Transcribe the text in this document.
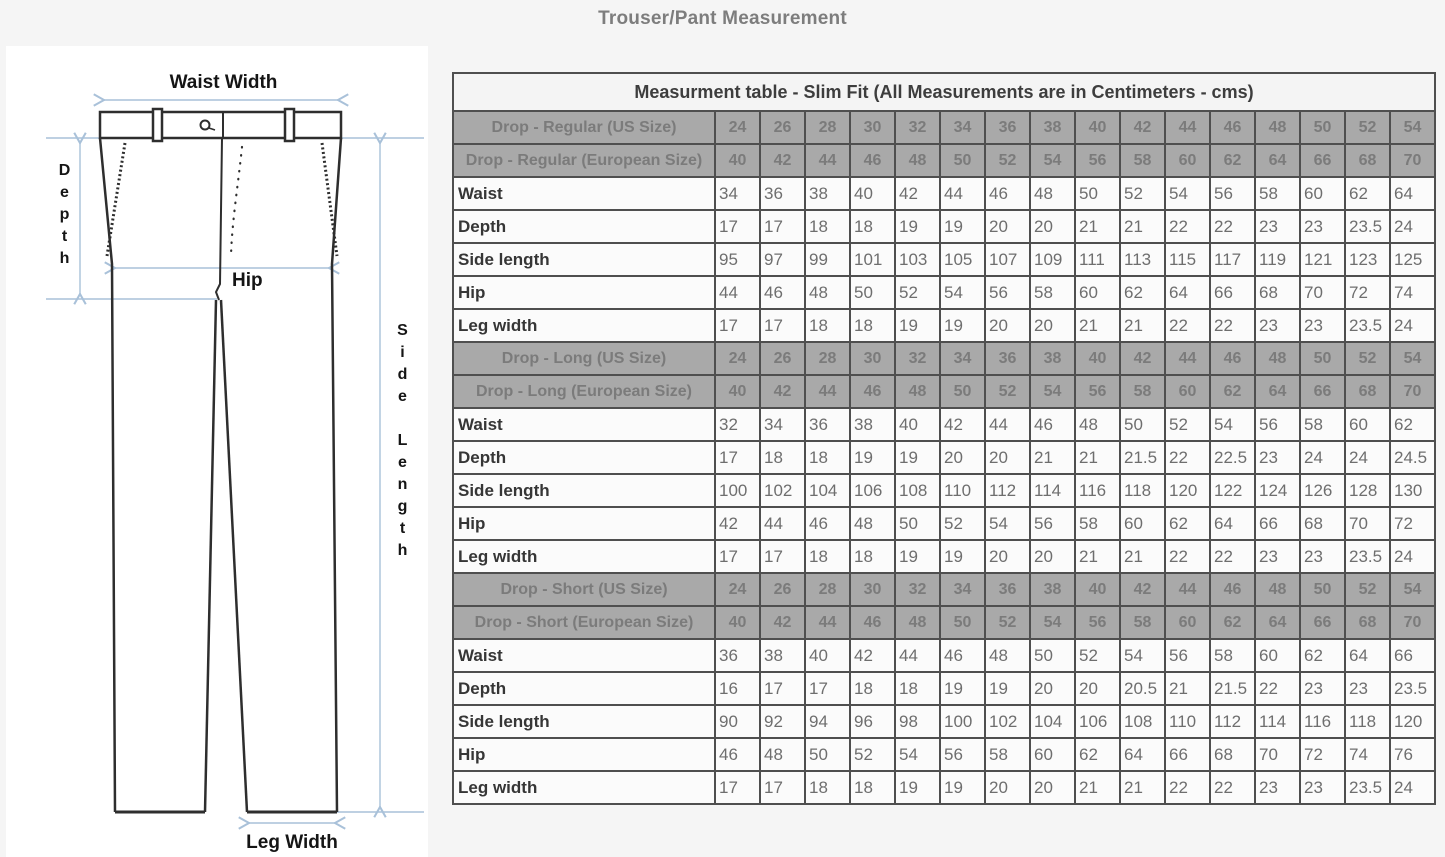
Trouser/Pant Measurement
Waist Width
Depth
Hip
Side Length
Leg Width
Measurment table - Slim Fit (All Measurements are in Centimeters - cms)																
Drop - Regular (US Size)	24	26	28	30	32	34	36	38	40	42	44	46	48	50	52	54
Drop - Regular (European Size)	40	42	44	46	48	50	52	54	56	58	60	62	64	66	68	70
Waist	34	36	38	40	42	44	46	48	50	52	54	56	58	60	62	64
Depth	17	17	18	18	19	19	20	20	21	21	22	22	23	23	23.5	24
Side length	95	97	99	101	103	105	107	109	111	113	115	117	119	121	123	125
Hip	44	46	48	50	52	54	56	58	60	62	64	66	68	70	72	74
Leg width	17	17	18	18	19	19	20	20	21	21	22	22	23	23	23.5	24
Drop - Long (US Size)	24	26	28	30	32	34	36	38	40	42	44	46	48	50	52	54
Drop - Long (European Size)	40	42	44	46	48	50	52	54	56	58	60	62	64	66	68	70
Waist	32	34	36	38	40	42	44	46	48	50	52	54	56	58	60	62
Depth	17	18	18	19	19	20	20	21	21	21.5	22	22.5	23	24	24	24.5
Side length	100	102	104	106	108	110	112	114	116	118	120	122	124	126	128	130
Hip	42	44	46	48	50	52	54	56	58	60	62	64	66	68	70	72
Leg width	17	17	18	18	19	19	20	20	21	21	22	22	23	23	23.5	24
Drop - Short (US Size)	24	26	28	30	32	34	36	38	40	42	44	46	48	50	52	54
Drop - Short (European Size)	40	42	44	46	48	50	52	54	56	58	60	62	64	66	68	70
Waist	36	38	40	42	44	46	48	50	52	54	56	58	60	62	64	66
Depth	16	17	17	18	18	19	19	20	20	20.5	21	21.5	22	23	23	23.5
Side length	90	92	94	96	98	100	102	104	106	108	110	112	114	116	118	120
Hip	46	48	50	52	54	56	58	60	62	64	66	68	70	72	74	76
Leg width	17	17	18	18	19	19	20	20	21	21	22	22	23	23	23.5	24
